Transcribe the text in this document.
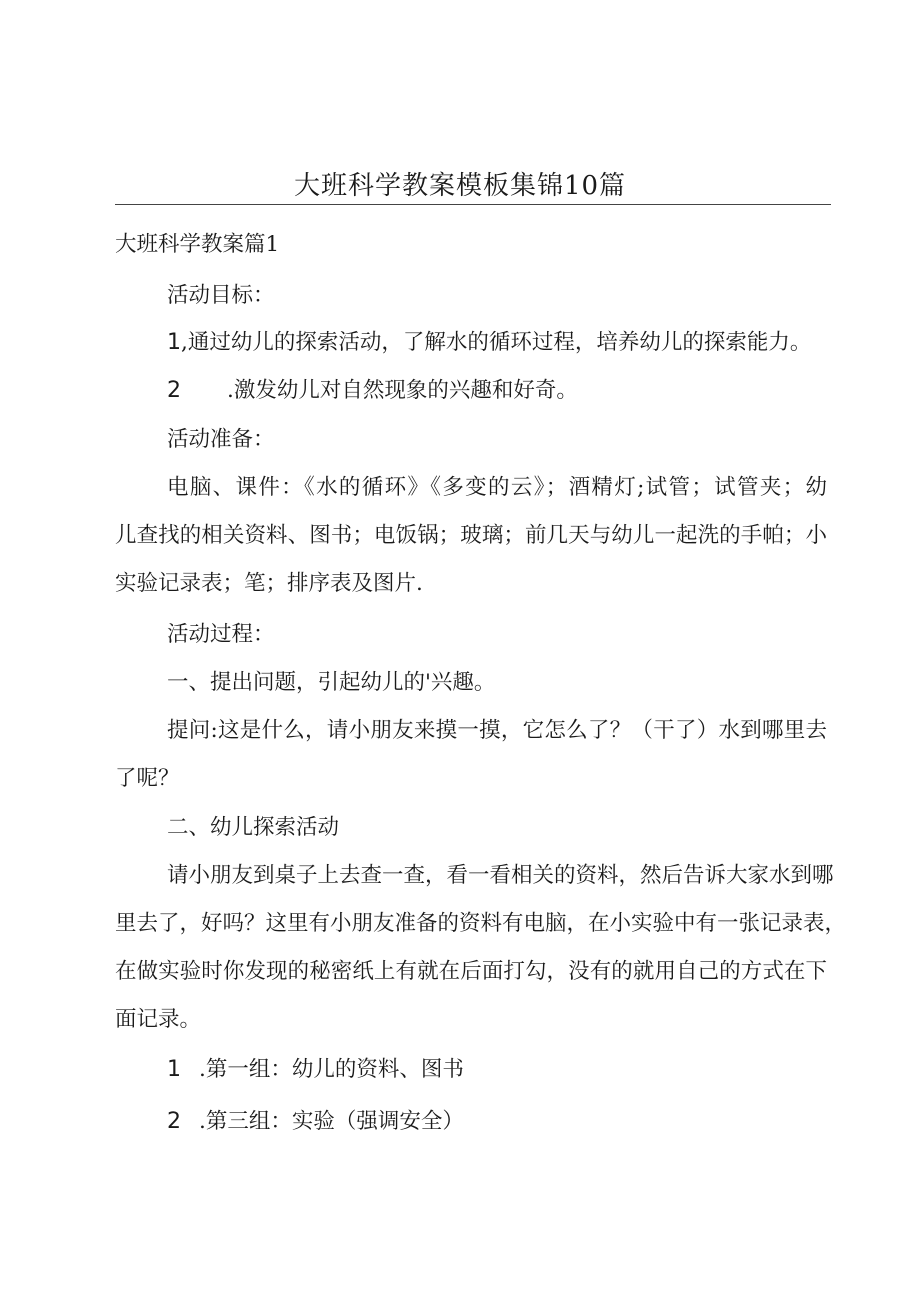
大班科学教案模板集锦10篇
大班科学教案篇1
活动目标：
1,通过幼儿的探索活动，了解水的循环过程，培养幼儿的探索能力。
2 .激发幼儿对自然现象的兴趣和好奇。
活动准备：
电脑、课件：《水的循环》《多变的云》；酒精灯;试管；试管夹；幼
儿查找的相关资料、图书；电饭锅；玻璃；前几天与幼儿一起洗的手帕；小
实验记录表；笔；排序表及图片.
活动过程：
一、提出问题，引起幼儿的'兴趣。
提问:这是什么，请小朋友来摸一摸，它怎么了？（干了）水到哪里去
了呢？
二、幼儿探索活动
请小朋友到桌子上去查一查，看一看相关的资料，然后告诉大家水到哪
里去了，好吗？这里有小朋友准备的资料有电脑，在小实验中有一张记录表，
在做实验时你发现的秘密纸上有就在后面打勾，没有的就用自己的方式在下
面记录。
1 .第一组：幼儿的资料、图书
2 .第三组：实验（强调安全）
